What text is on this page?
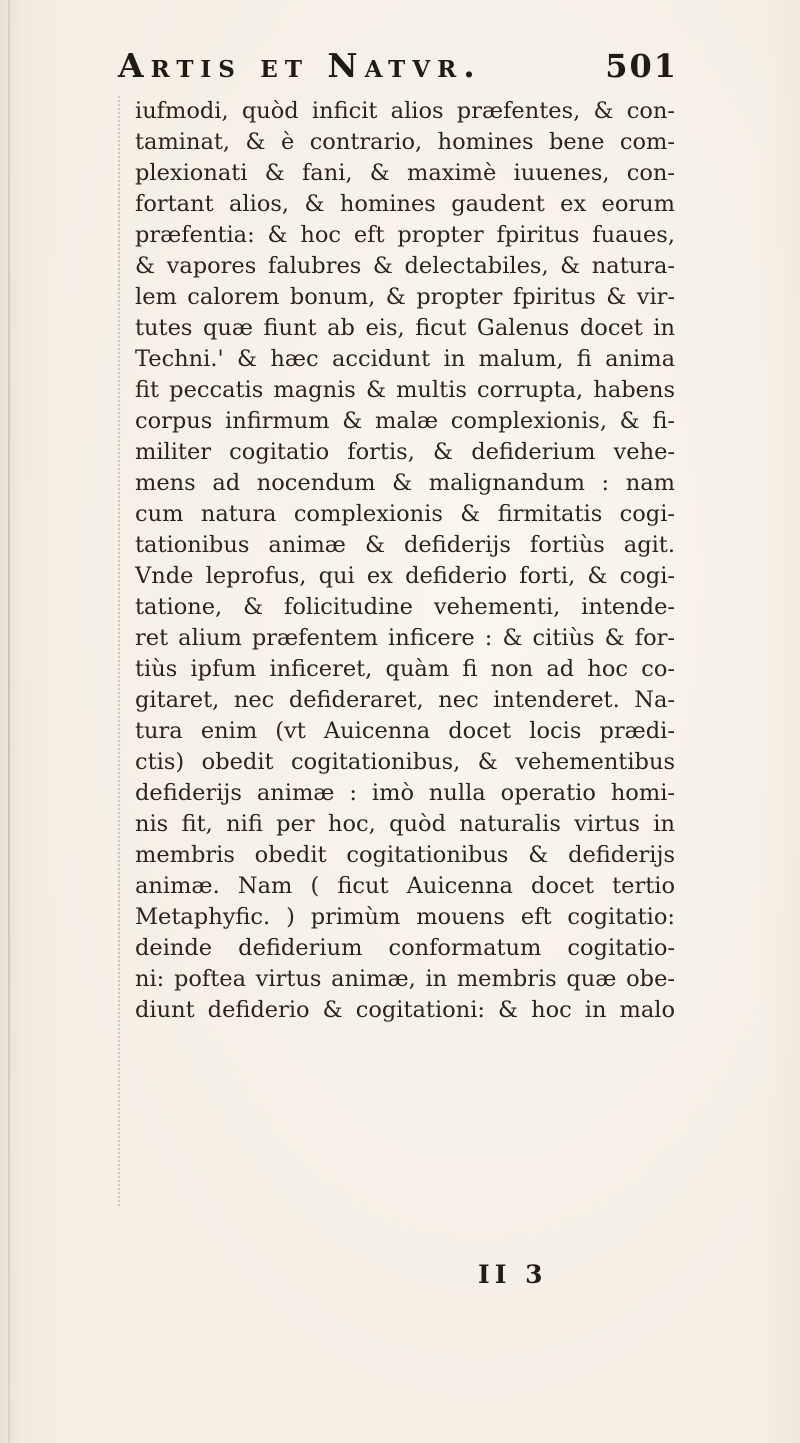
Artis et Natvr.	501
iufmodi, quòd inficit alios præfentes, & con-
taminat, & è contrario, homines bene com-
plexionati & fani, & maximè iuuenes, con-
fortant alios, & homines gaudent ex eorum
præfentia: & hoc eft propter fpiritus fuaues,
& vapores falubres & delectabiles, & natura-
lem calorem bonum, & propter fpiritus & vir-
tutes quæ fiunt ab eis, ficut Galenus docet in
Techni.' & hæc accidunt in malum, fi anima
fit peccatis magnis & multis corrupta, habens
corpus infirmum & malæ complexionis, & fi-
militer cogitatio fortis, & defiderium vehe-
mens ad nocendum & malignandum : nam
cum natura complexionis & firmitatis cogi-
tationibus animæ & defiderijs fortiùs agit.
Vnde leprofus, qui ex defiderio forti, & cogi-
tatione, & folicitudine vehementi, intende-
ret alium præfentem inficere : & citiùs & for-
tiùs ipfum inficeret, quàm fi non ad hoc co-
gitaret, nec defideraret, nec intenderet. Na-
tura enim (vt Auicenna docet locis prædi-
ctis) obedit cogitationibus, & vehementibus
defiderijs animæ : imò nulla operatio homi-
nis fit, nifi per hoc, quòd naturalis virtus in
membris obedit cogitationibus & defiderijs
animæ. Nam ( ficut Auicenna docet tertio
Metaphyfic. ) primùm mouens eft cogitatio:
deinde defiderium conformatum cogitatio-
ni: poftea virtus animæ, in membris quæ obe-
diunt defiderio & cogitationi: & hoc in malo
II 3
